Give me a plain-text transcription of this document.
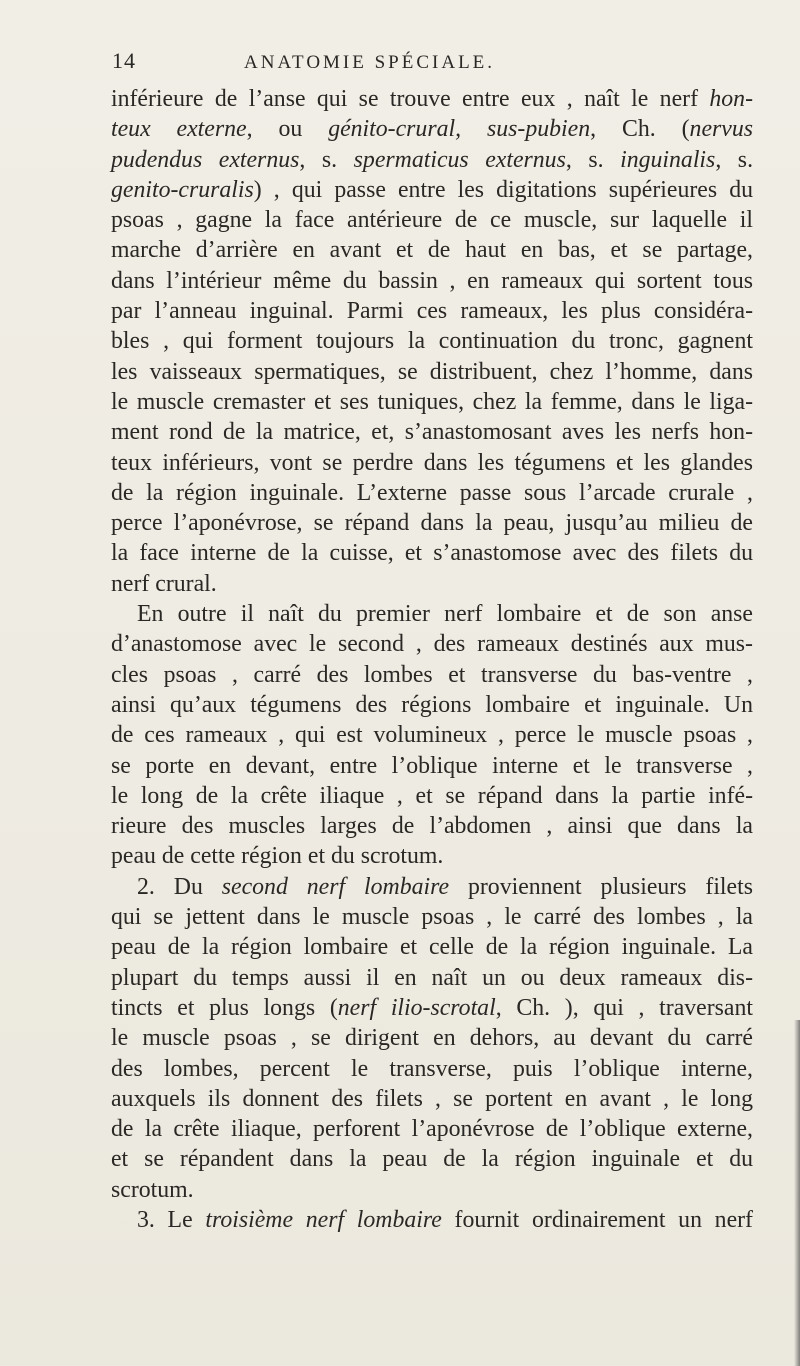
14	ANATOMIE SPÉCIALE.
inférieure de l’anse qui se trouve entre eux , naît le nerf hon-
teux externe, ou génito-crural, sus-pubien, Ch. (nervus
pudendus externus, s. spermaticus externus, s. inguinalis, s.
genito-cruralis) , qui passe entre les digitations supérieures du
psoas , gagne la face antérieure de ce muscle, sur laquelle il
marche d’arrière en avant et de haut en bas, et se partage,
dans l’intérieur même du bassin , en rameaux qui sortent tous
par l’anneau inguinal. Parmi ces rameaux, les plus considéra-
bles , qui forment toujours la continuation du tronc, gagnent
les vaisseaux spermatiques, se distribuent, chez l’homme, dans
le muscle cremaster et ses tuniques, chez la femme, dans le liga-
ment rond de la matrice, et, s’anastomosant aves les nerfs hon-
teux inférieurs, vont se perdre dans les tégumens et les glandes
de la région inguinale. L’externe passe sous l’arcade crurale ,
perce l’aponévrose, se répand dans la peau, jusqu’au milieu de
la face interne de la cuisse, et s’anastomose avec des filets du
nerf crural.
En outre il naît du premier nerf lombaire et de son anse
d’anastomose avec le second , des rameaux destinés aux mus-
cles psoas , carré des lombes et transverse du bas-ventre ,
ainsi qu’aux tégumens des régions lombaire et inguinale. Un
de ces rameaux , qui est volumineux , perce le muscle psoas ,
se porte en devant, entre l’oblique interne et le transverse ,
le long de la crête iliaque , et se répand dans la partie infé-
rieure des muscles larges de l’abdomen , ainsi que dans la
peau de cette région et du scrotum.
2. Du second nerf lombaire proviennent plusieurs filets
qui se jettent dans le muscle psoas , le carré des lombes , la
peau de la région lombaire et celle de la région inguinale. La
plupart du temps aussi il en naît un ou deux rameaux dis-
tincts et plus longs (nerf ilio-scrotal, Ch. ), qui , traversant
le muscle psoas , se dirigent en dehors, au devant du carré
des lombes, percent le transverse, puis l’oblique interne,
auxquels ils donnent des filets , se portent en avant , le long
de la crête iliaque, perforent l’aponévrose de l’oblique externe,
et se répandent dans la peau de la région inguinale et du
scrotum.
3. Le troisième nerf lombaire fournit ordinairement un nerf
